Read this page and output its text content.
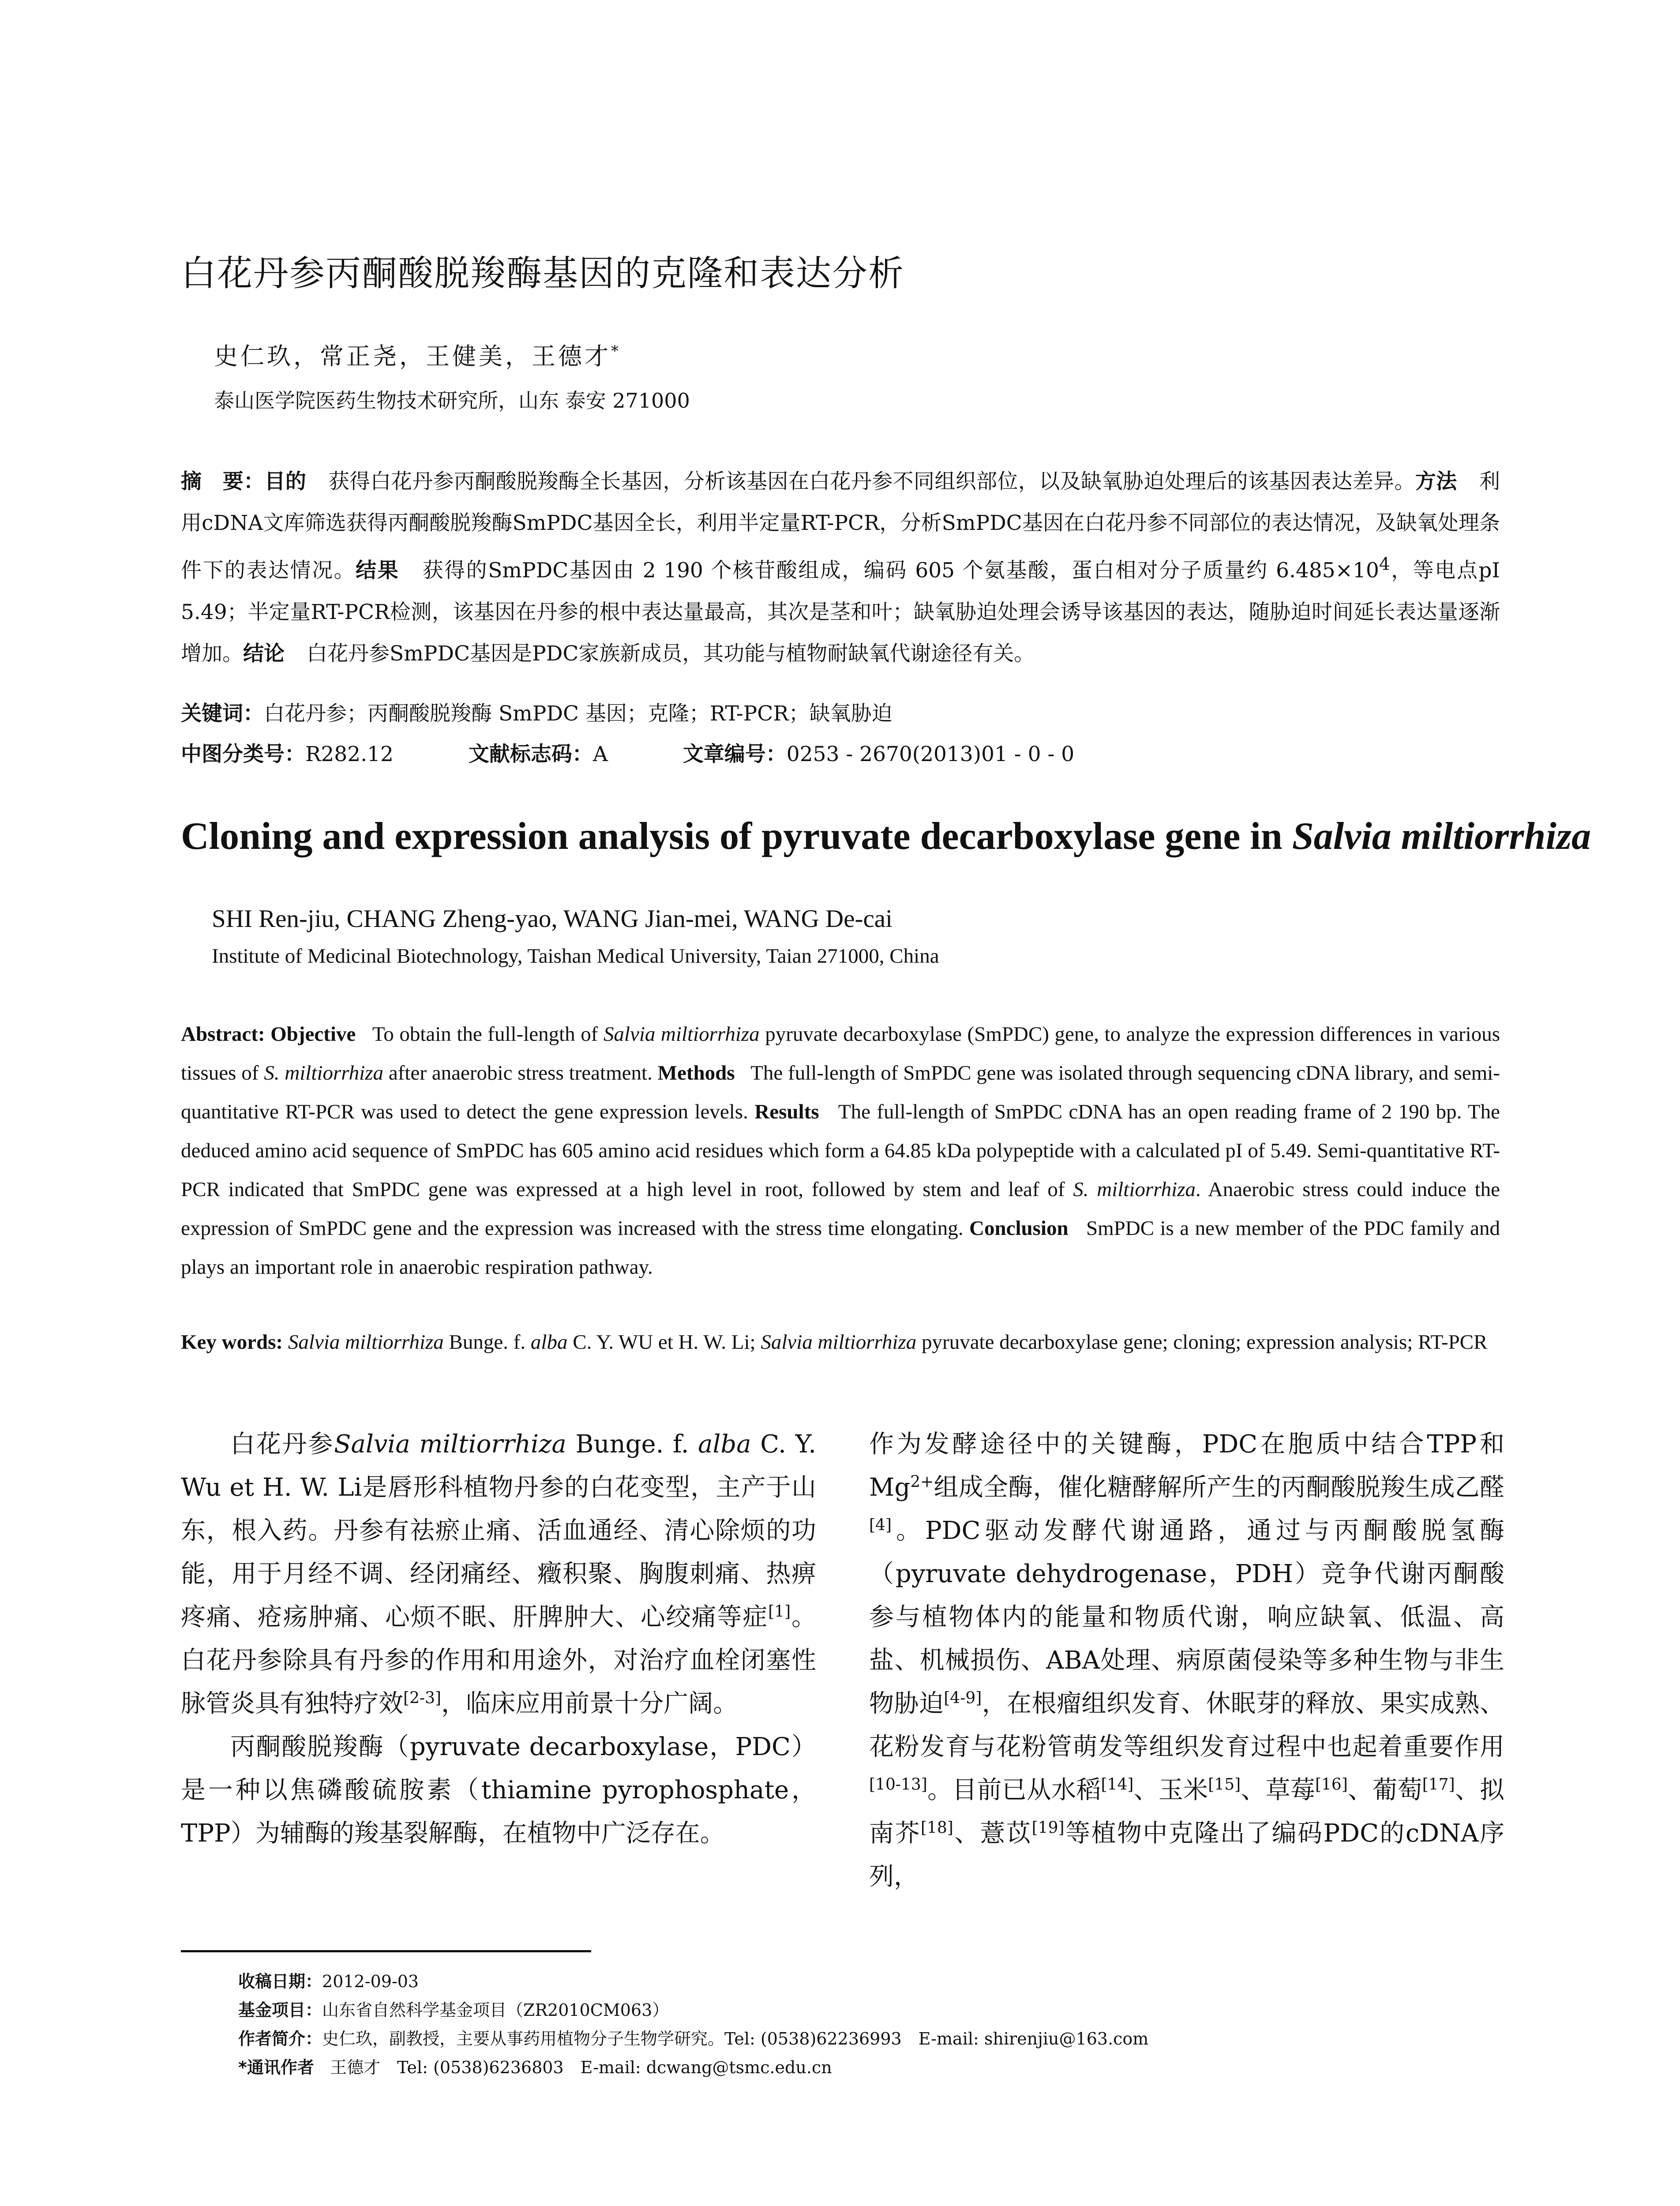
白花丹参丙酮酸脱羧酶基因的克隆和表达分析
史仁玖，常正尧，王健美，王德才*
泰山医学院医药生物技术研究所，山东 泰安 271000
摘　要：目的 获得白花丹参丙酮酸脱羧酶全长基因，分析该基因在白花丹参不同组织部位，以及缺氧胁迫处理后的该基因表达差异。方法 利用cDNA文库筛选获得丙酮酸脱羧酶SmPDC基因全长，利用半定量RT-PCR，分析SmPDC基因在白花丹参不同部位的表达情况，及缺氧处理条件下的表达情况。结果 获得的SmPDC基因由 2 190 个核苷酸组成，编码 605 个氨基酸，蛋白相对分子质量约 $6.485\times 10^4$，等电点pI 5.49；半定量RT-PCR检测，该基因在丹参的根中表达量最高，其次是茎和叶；缺氧胁迫处理会诱导该基因的表达，随胁迫时间延长表达量逐渐增加。结论 白花丹参SmPDC基因是PDC家族新成员，其功能与植物耐缺氧代谢途径有关。
关键词：白花丹参；丙酮酸脱羧酶 SmPDC 基因；克隆；RT-PCR；缺氧胁迫
中图分类号：R282.12	文献标志码：A	文章编号：0253 - 2670(2013)01 - 0 - 0
Cloning and expression analysis of pyruvate decarboxylase gene in Salvia miltiorrhiza
SHI Ren-jiu, CHANG Zheng-yao, WANG Jian-mei, WANG De-cai
Institute of Medicinal Biotechnology, Taishan Medical University, Taian 271000, China
Abstract: Objective To obtain the full-length of Salvia miltiorrhiza pyruvate decarboxylase (SmPDC) gene, to analyze the expression differences in various tissues of S. miltiorrhiza after anaerobic stress treatment. Methods The full-length of SmPDC gene was isolated through sequencing cDNA library, and semi-quantitative RT-PCR was used to detect the gene expression levels. Results The full-length of SmPDC cDNA has an open reading frame of 2 190 bp. The deduced amino acid sequence of SmPDC has 605 amino acid residues which form a 64.85 kDa polypeptide with a calculated pI of 5.49. Semi-quantitative RT-PCR indicated that SmPDC gene was expressed at a high level in root, followed by stem and leaf of S. miltiorrhiza. Anaerobic stress could induce the expression of SmPDC gene and the expression was increased with the stress time elongating. Conclusion SmPDC is a new member of the PDC family and plays an important role in anaerobic respiration pathway.
Key words: Salvia miltiorrhiza Bunge. f. alba C. Y. WU et H. W. Li; Salvia miltiorrhiza pyruvate decarboxylase gene; cloning; expression analysis; RT-PCR

白花丹参Salvia miltiorrhiza Bunge. f. alba C. Y. Wu et H. W. Li是唇形科植物丹参的白花变型，主产于山东，根入药。丹参有祛瘀止痛、活血通经、清心除烦的功能，用于月经不调、经闭痛经、癥积聚、胸腹刺痛、热痹疼痛、疮疡肿痛、心烦不眠、肝脾肿大、心绞痛等症[1]。白花丹参除具有丹参的作用和用途外，对治疗血栓闭塞性脉管炎具有独特疗效[2-3]，临床应用前景十分广阔。

丙酮酸脱羧酶（pyruvate decarboxylase，PDC）是一种以焦磷酸硫胺素（thiamine pyrophosphate，TPP）为辅酶的羧基裂解酶，在植物中广泛存在。

作为发酵途径中的关键酶，PDC在胞质中结合TPP和$Mg^{2+}$组成全酶，催化糖酵解所产生的丙酮酸脱羧生成乙醛[4]。PDC驱动发酵代谢通路，通过与丙酮酸脱氢酶（pyruvate dehydrogenase，PDH）竞争代谢丙酮酸参与植物体内的能量和物质代谢，响应缺氧、低温、高盐、机械损伤、ABA处理、病原菌侵染等多种生物与非生物胁迫[4-9]，在根瘤组织发育、休眠芽的释放、果实成熟、花粉发育与花粉管萌发等组织发育过程中也起着重要作用[10-13]。目前已从水稻[14]、玉米[15]、草莓[16]、葡萄[17]、拟南芥[18]、薏苡[19]等植物中克隆出了编码PDC的cDNA序列，

收稿日期：2012-09-03
基金项目：山东省自然科学基金项目（ZR2010CM063）
作者简介：史仁玖，副教授，主要从事药用植物分子生物学研究。Tel: (0538)62236993　E-mail: shirenjiu@163.com
*通讯作者 王德才　Tel: (0538)6236803　E-mail: dcwang@tsmc.edu.cn
